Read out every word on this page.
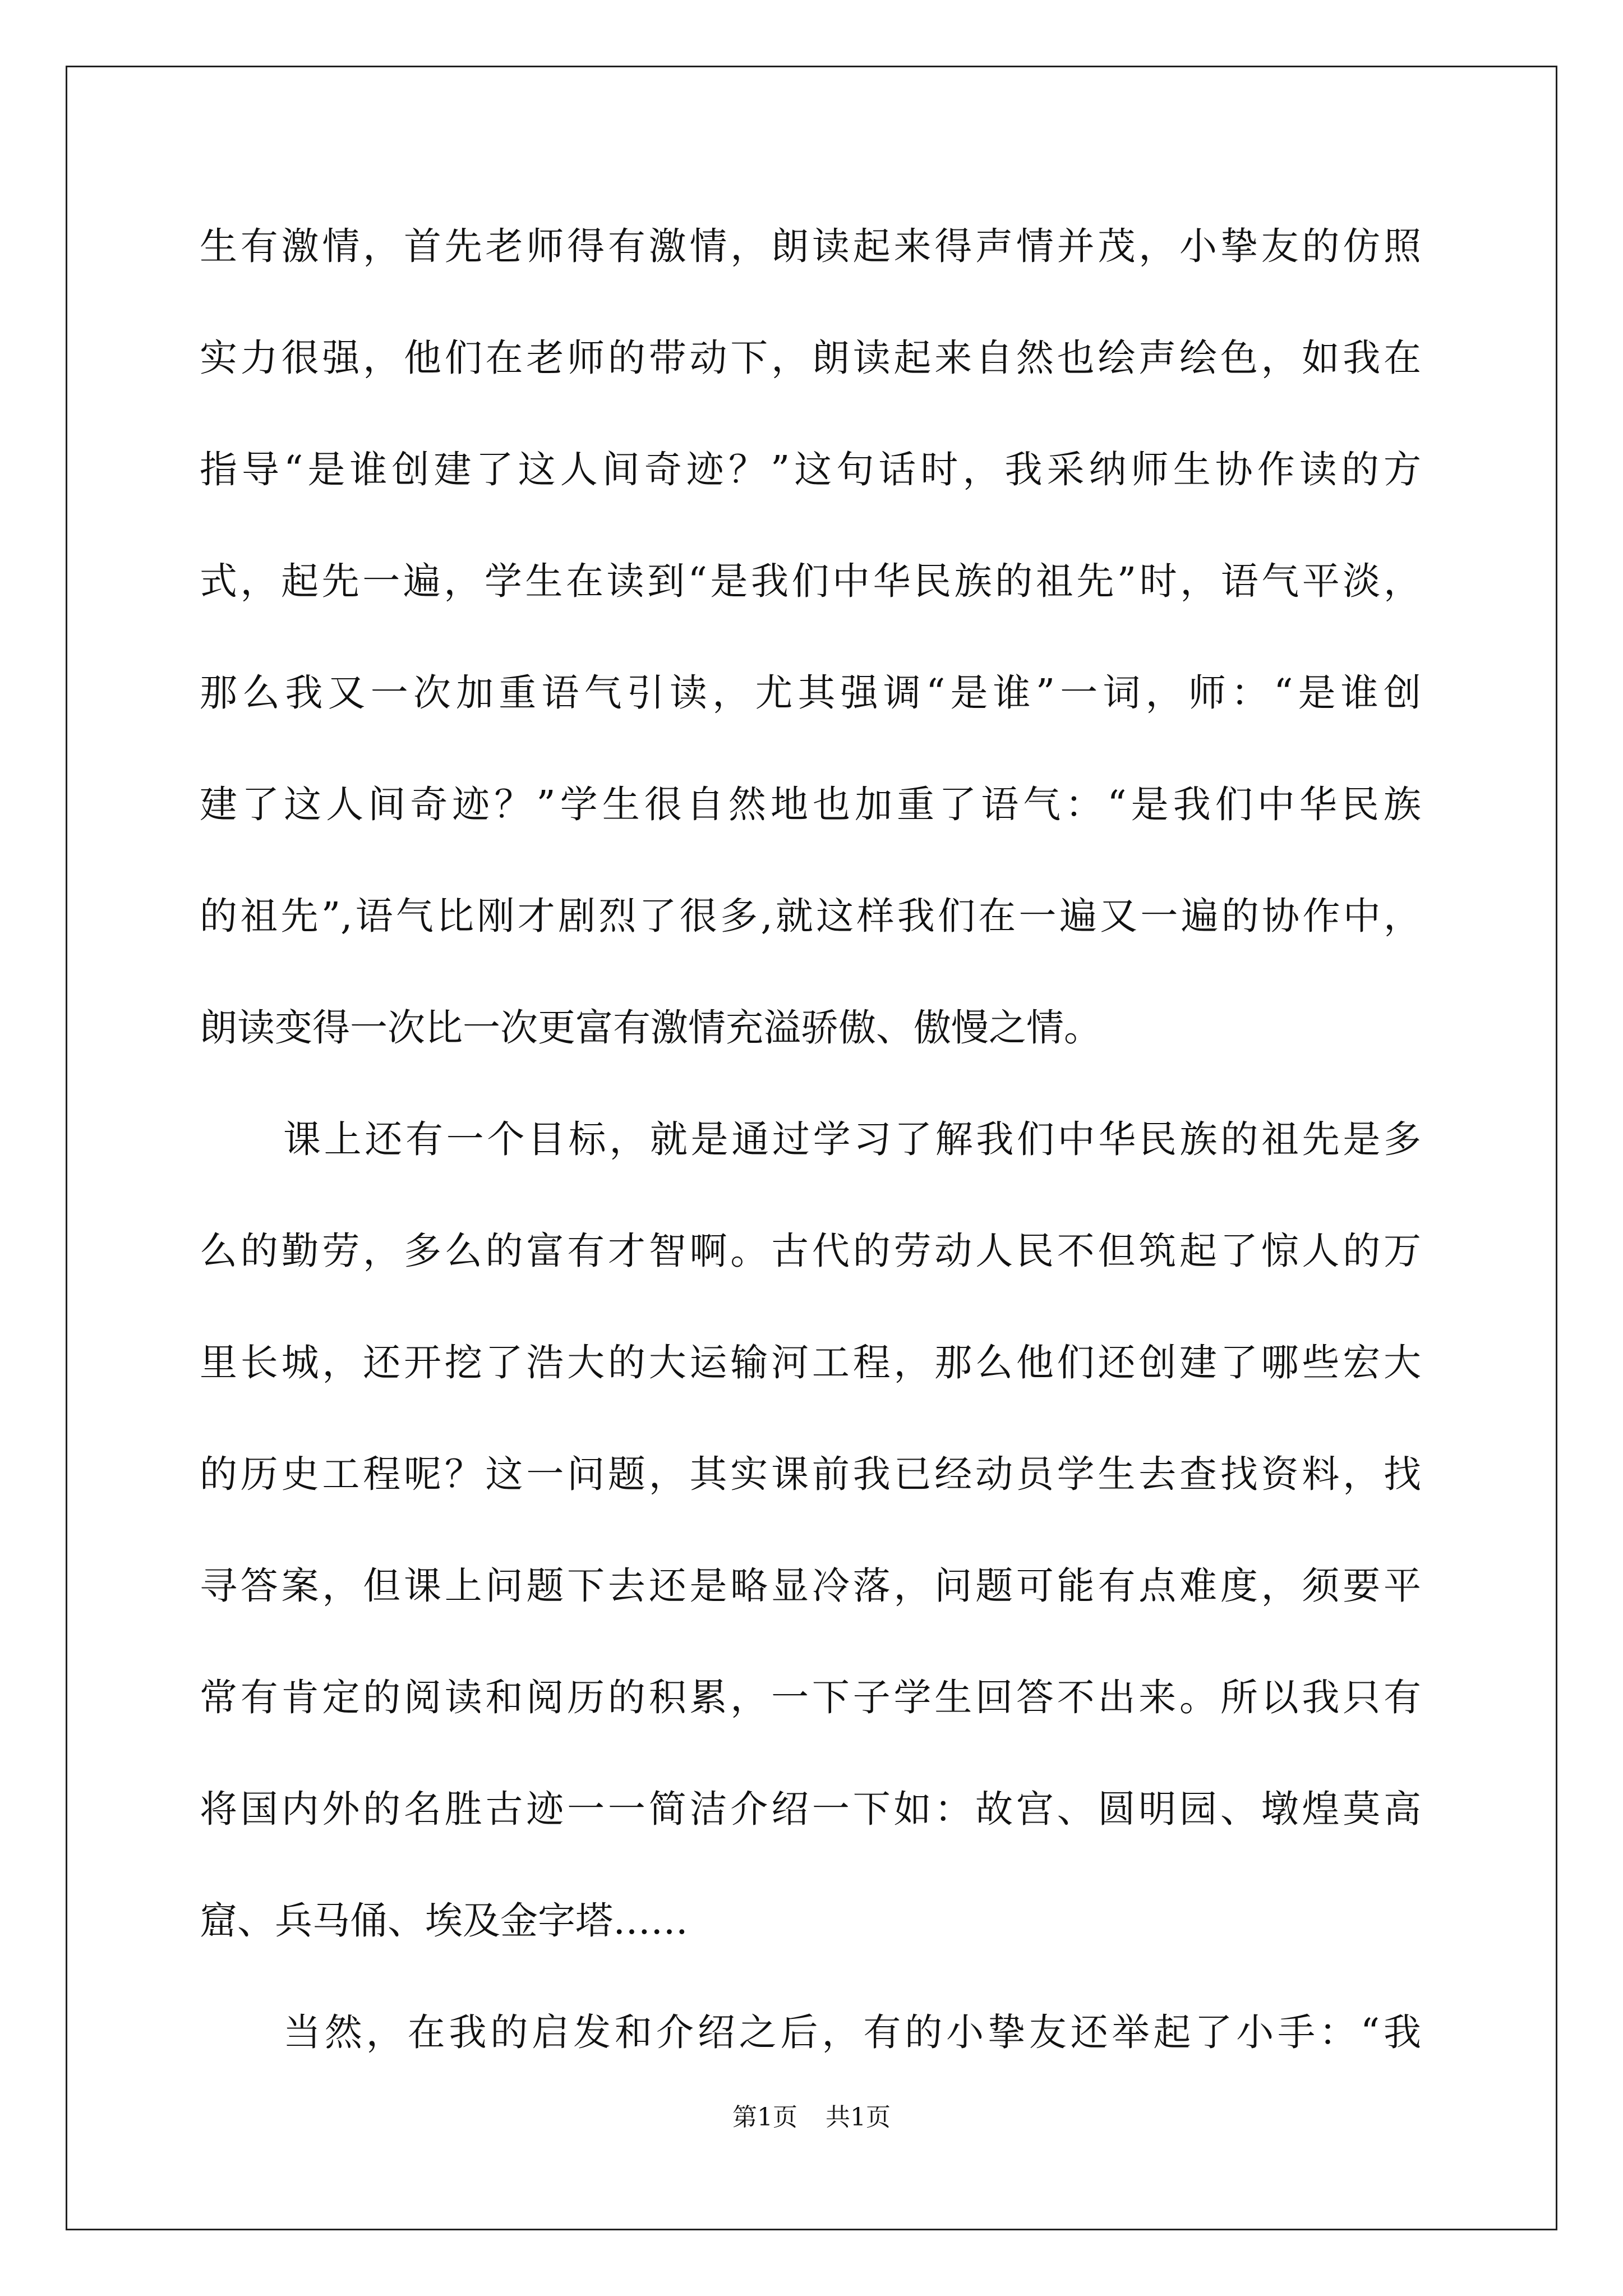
生有激情，首先老师得有激情，朗读起来得声情并茂，小挚友的仿照
实力很强，他们在老师的带动下，朗读起来自然也绘声绘色，如我在
指导“是谁创建了这人间奇迹？”这句话时，我采纳师生协作读的方
式，起先一遍，学生在读到“是我们中华民族的祖先”时，语气平淡，
那么我又一次加重语气引读，尤其强调“是谁”一词，师：“是谁创
建了这人间奇迹？”学生很自然地也加重了语气：“是我们中华民族
的祖先”,语气比刚才剧烈了很多,就这样我们在一遍又一遍的协作中，
朗读变得一次比一次更富有激情充溢骄傲、傲慢之情。
课上还有一个目标，就是通过学习了解我们中华民族的祖先是多
么的勤劳，多么的富有才智啊。古代的劳动人民不但筑起了惊人的万
里长城，还开挖了浩大的大运输河工程，那么他们还创建了哪些宏大
的历史工程呢？这一问题，其实课前我已经动员学生去查找资料，找
寻答案，但课上问题下去还是略显冷落，问题可能有点难度，须要平
常有肯定的阅读和阅历的积累，一下子学生回答不出来。所以我只有
将国内外的名胜古迹一一简洁介绍一下如：故宫、圆明园、墩煌莫高
窟、兵马俑、埃及金字塔……
当然，在我的启发和介绍之后，有的小挚友还举起了小手：“我
第1页 共1页
